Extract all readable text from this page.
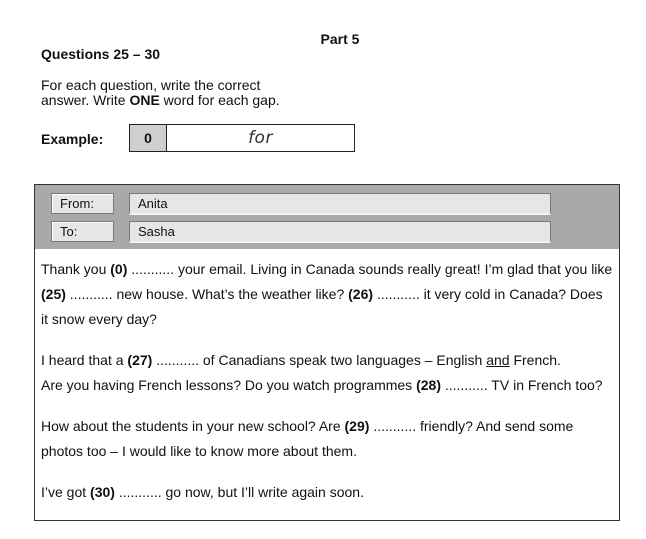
Part 5
Questions 25 – 30
For each question, write the correct
answer. Write ONE word for each gap.
Example:	0	for
From:	Anita
To:	Sasha

Thank you (0) ........... your email. Living in Canada sounds really great! I’m glad that you like (25) ........... new house. What’s the weather like? (26) ........... it very cold in Canada? Does it snow every day?

I heard that a (27) ........... of Canadians speak two languages – English and French.
Are you having French lessons? Do you watch programmes (28) ........... TV in French too?

How about the students in your new school? Are (29) ........... friendly? And send some photos too – I would like to know more about them.

I’ve got (30) ........... go now, but I’ll write again soon.
